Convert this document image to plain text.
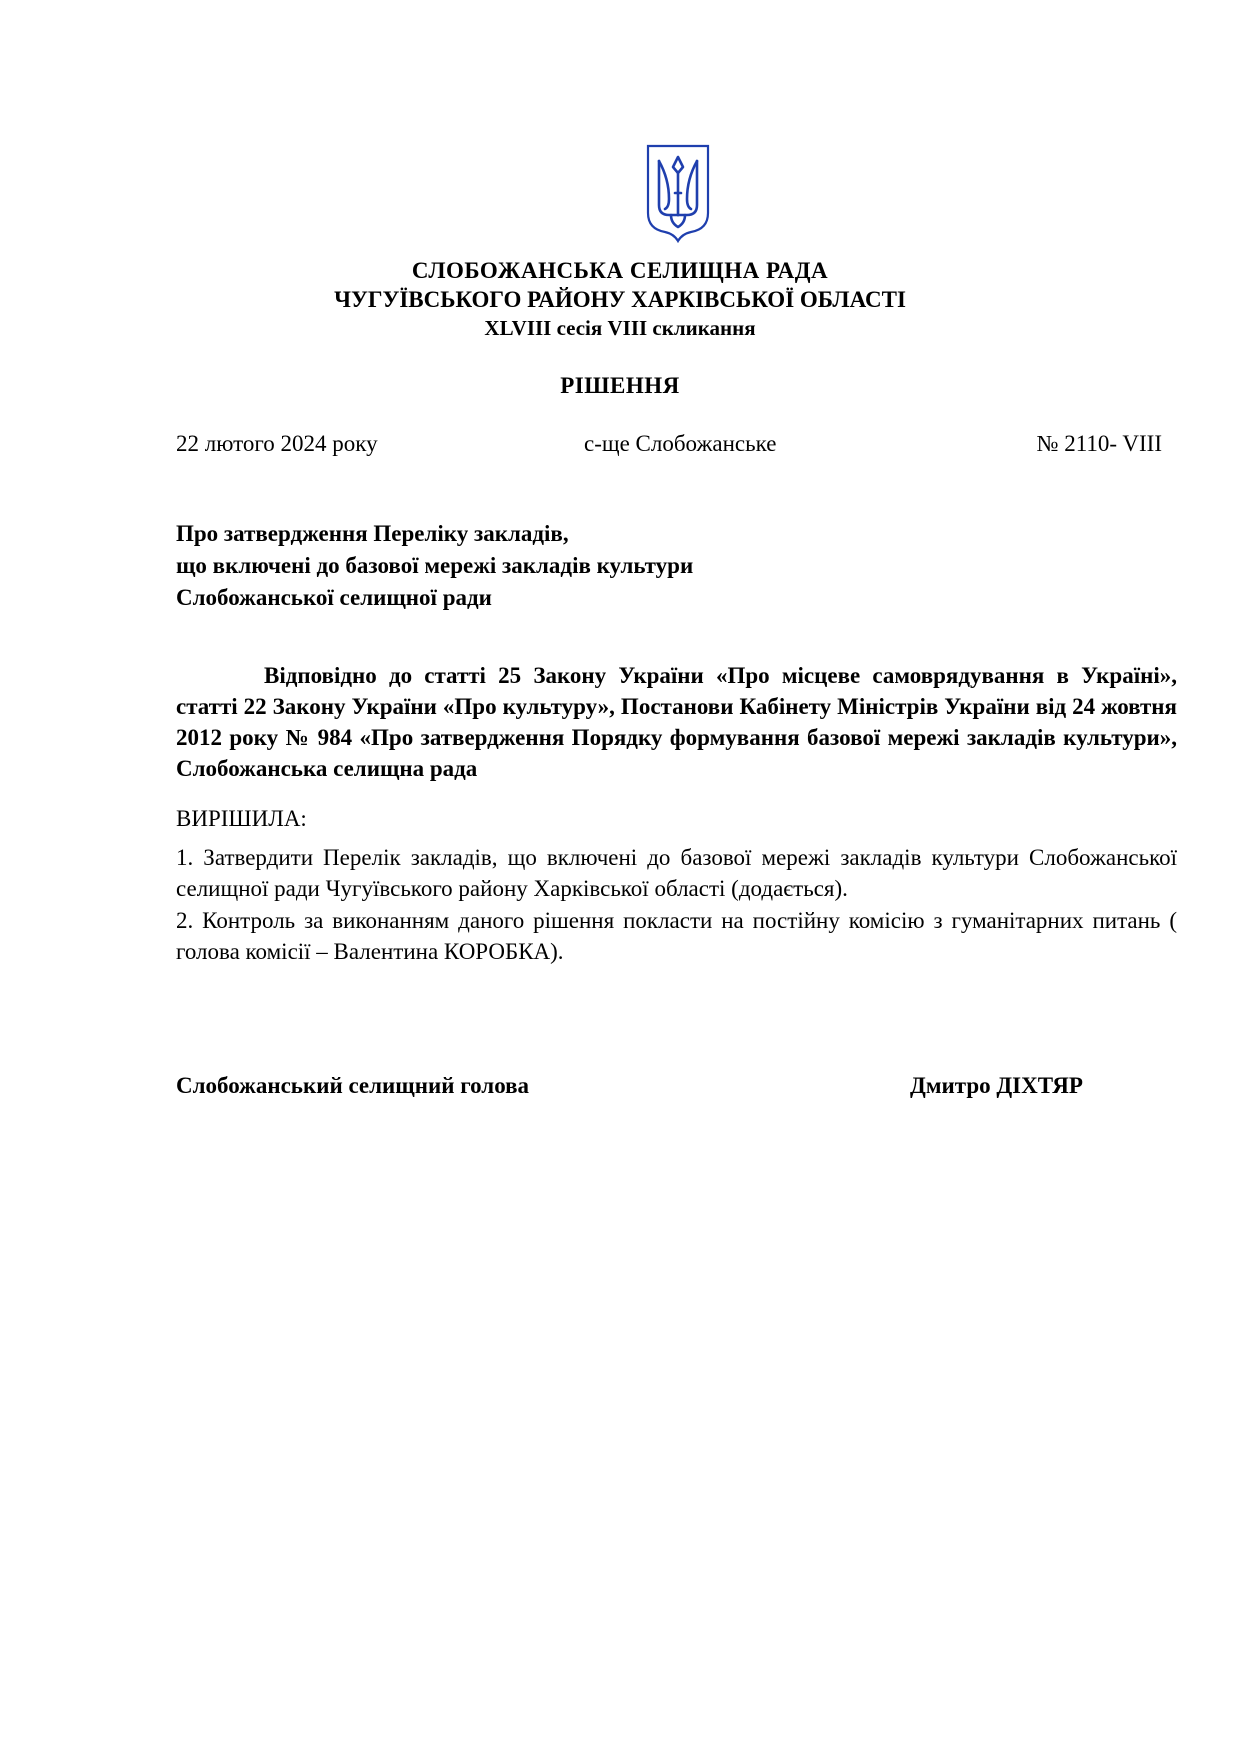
СЛОБОЖАНСЬКА СЕЛИЩНА РАДА
ЧУГУЇВСЬКОГО РАЙОНУ ХАРКІВСЬКОЇ ОБЛАСТІ
XLVIII сесія VIII скликання
РІШЕННЯ
22 лютого 2024 року	с-ще Слобожанське	№ 2110- VIII
Про затвердження Переліку закладів,
що включені до базової мережі закладів культури
Слобожанської селищної ради
Відповідно до статті 25 Закону України «Про місцеве самоврядування в Україні», статті 22 Закону України «Про культуру», Постанови Кабінету Міністрів України від 24 жовтня 2012 року № 984 «Про затвердження Порядку формування базової мережі закладів культури», Слобожанська селищна рада
ВИРІШИЛА:
1. Затвердити Перелік закладів, що включені до базової мережі закладів культури Слобожанської селищної ради Чугуївського району Харківської області (додається).
2. Контроль за виконанням даного рішення покласти на постійну комісію з гуманітарних питань ( голова комісії – Валентина КОРОБКА).
Слобожанський селищний голова	Дмитро ДІХТЯР
